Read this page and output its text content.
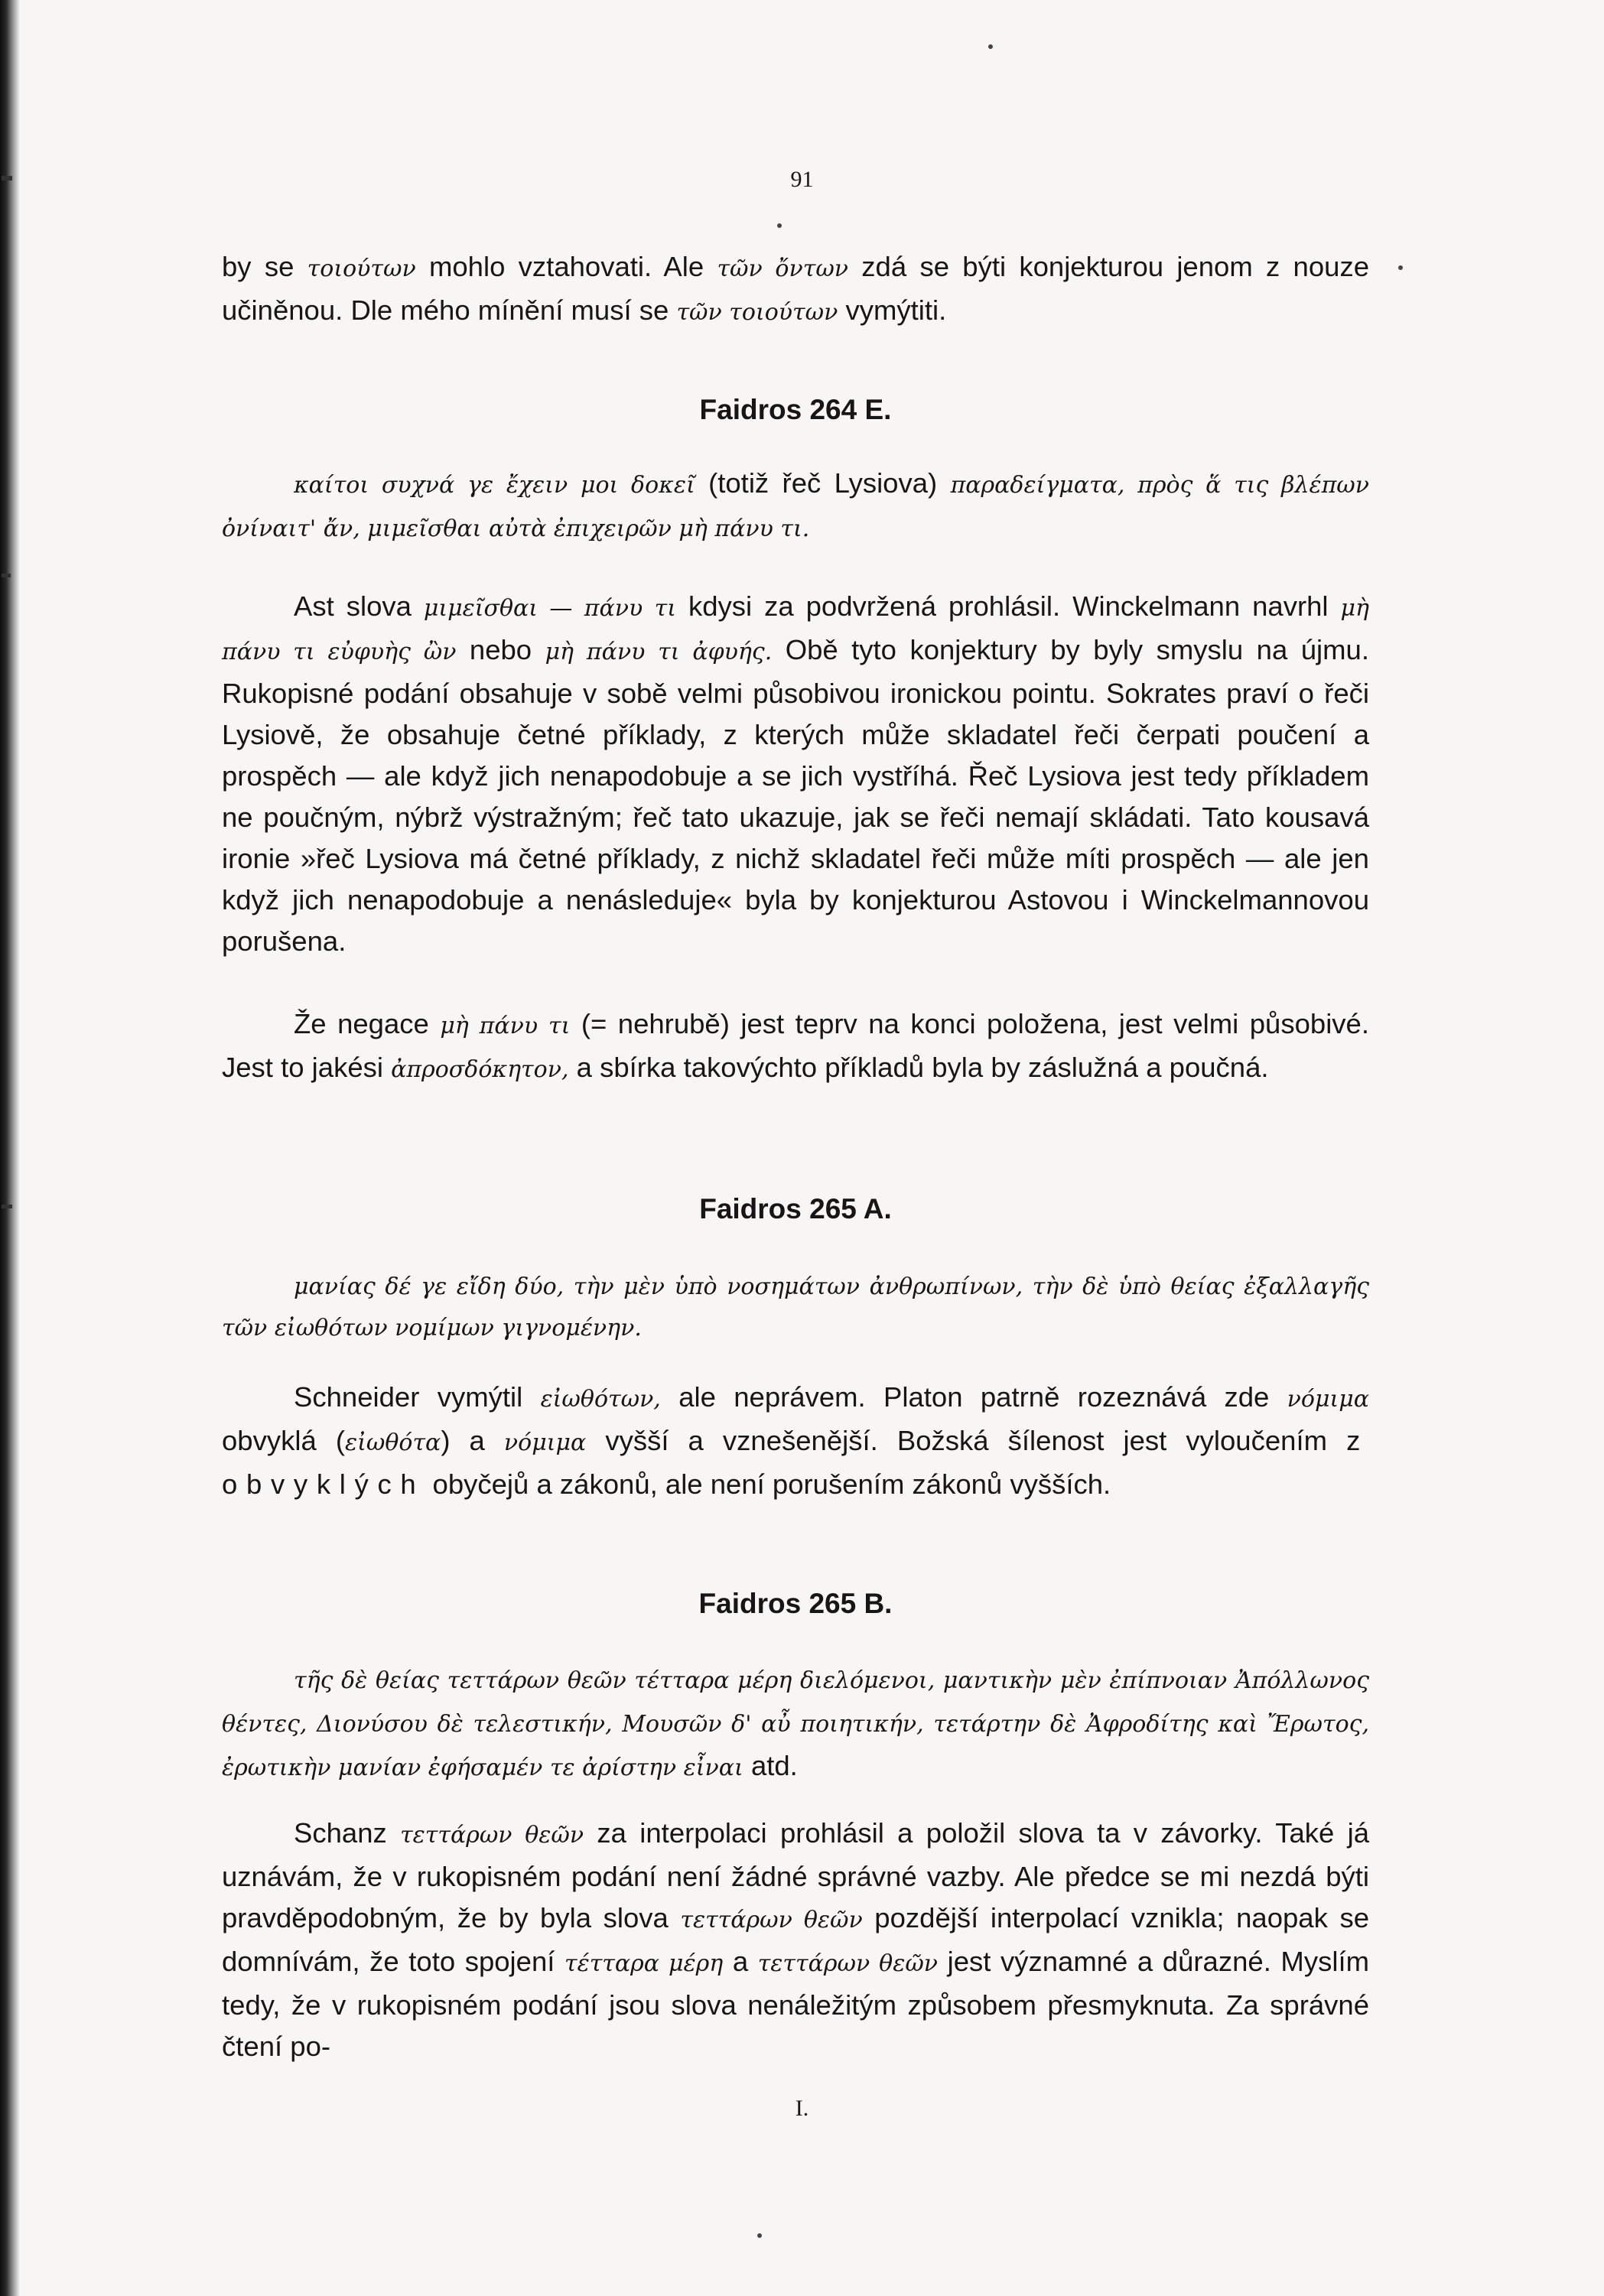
91

by se τοιούτων mohlo vztahovati. Ale τῶν ὄντων zdá se býti konjekturou jenom z nouze učiněnou. Dle mého mínění musí se τῶν τοιούτων vymýtiti.

Faidros 264 E.

καίτοι συχνά γε ἔχειν μοι δοκεῖ (totiž řeč Lysiova) παραδείγματα, πρὸς ἅ τις βλέπων ὀνίναιτ' ἄν, μιμεῖσθαι αὐτὰ ἐπιχειρῶν μὴ πάνυ τι.

Ast slova μιμεῖσθαι — πάνυ τι kdysi za podvržená prohlásil. Winckelmann navrhl μὴ πάνυ τι εὐφυὴς ὢν nebo μὴ πάνυ τι ἀφυής. Obě tyto konjektury by byly smyslu na újmu. Rukopisné podání obsahuje v sobě velmi působivou ironickou pointu. Sokrates praví o řeči Lysiově, že obsahuje četné příklady, z kterých může skladatel řeči čerpati poučení a prospěch — ale když jich nenapodobuje a se jich vystříhá. Řeč Lysiova jest tedy příkladem ne poučným, nýbrž výstražným; řeč tato ukazuje, jak se řeči nemají skládati. Tato kousavá ironie »řeč Lysiova má četné příklady, z nichž skladatel řeči může míti prospěch — ale jen když jich nenapodobuje a nenásleduje« byla by konjekturou Astovou i Winckelmannovou porušena.

Že negace μὴ πάνυ τι (= nehrubě) jest teprv na konci položena, jest velmi působivé. Jest to jakési ἀπροσδόκητον, a sbírka takovýchto příkladů byla by záslužná a poučná.

Faidros 265 A.

μανίας δέ γε εἴδη δύο, τὴν μὲν ὑπὸ νοσημάτων ἀνθρωπίνων, τὴν δὲ ὑπὸ θείας ἐξαλλαγῆς τῶν εἰωθότων νομίμων γιγνομένην.

Schneider vymýtil εἰωθότων, ale neprávem. Platon patrně rozeznává zde νόμιμα obvyklá (εἰωθότα) a νόμιμα vyšší a vznešenější. Božská šílenost jest vyloučením z obvyklých obyčejů a zákonů, ale není porušením zákonů vyšších.

Faidros 265 B.

τῆς δὲ θείας τεττάρων θεῶν τέτταρα μέρη διελόμενοι, μαντικὴν μὲν ἐπίπνοιαν Ἀπόλλωνος θέντες, Διονύσου δὲ τελεστικήν, Μουσῶν δ' αὖ ποιητικήν, τετάρτην δὲ Ἀφροδίτης καὶ Ἔρωτος, ἐρωτικὴν μανίαν ἐφήσαμέν τε ἀρίστην εἶναι atd.

Schanz τεττάρων θεῶν za interpolaci prohlásil a položil slova ta v závorky. Také já uznávám, že v rukopisném podání není žádné správné vazby. Ale předce se mi nezdá býti pravděpodobným, že by byla slova τεττάρων θεῶν pozdější interpolací vznikla; naopak se domnívám, že toto spojení τέτταρα μέρη a τεττάρων θεῶν jest významné a důrazné. Myslím tedy, že v rukopisném podání jsou slova nenáležitým způsobem přesmyknuta. Za správné čtení po-

I.
